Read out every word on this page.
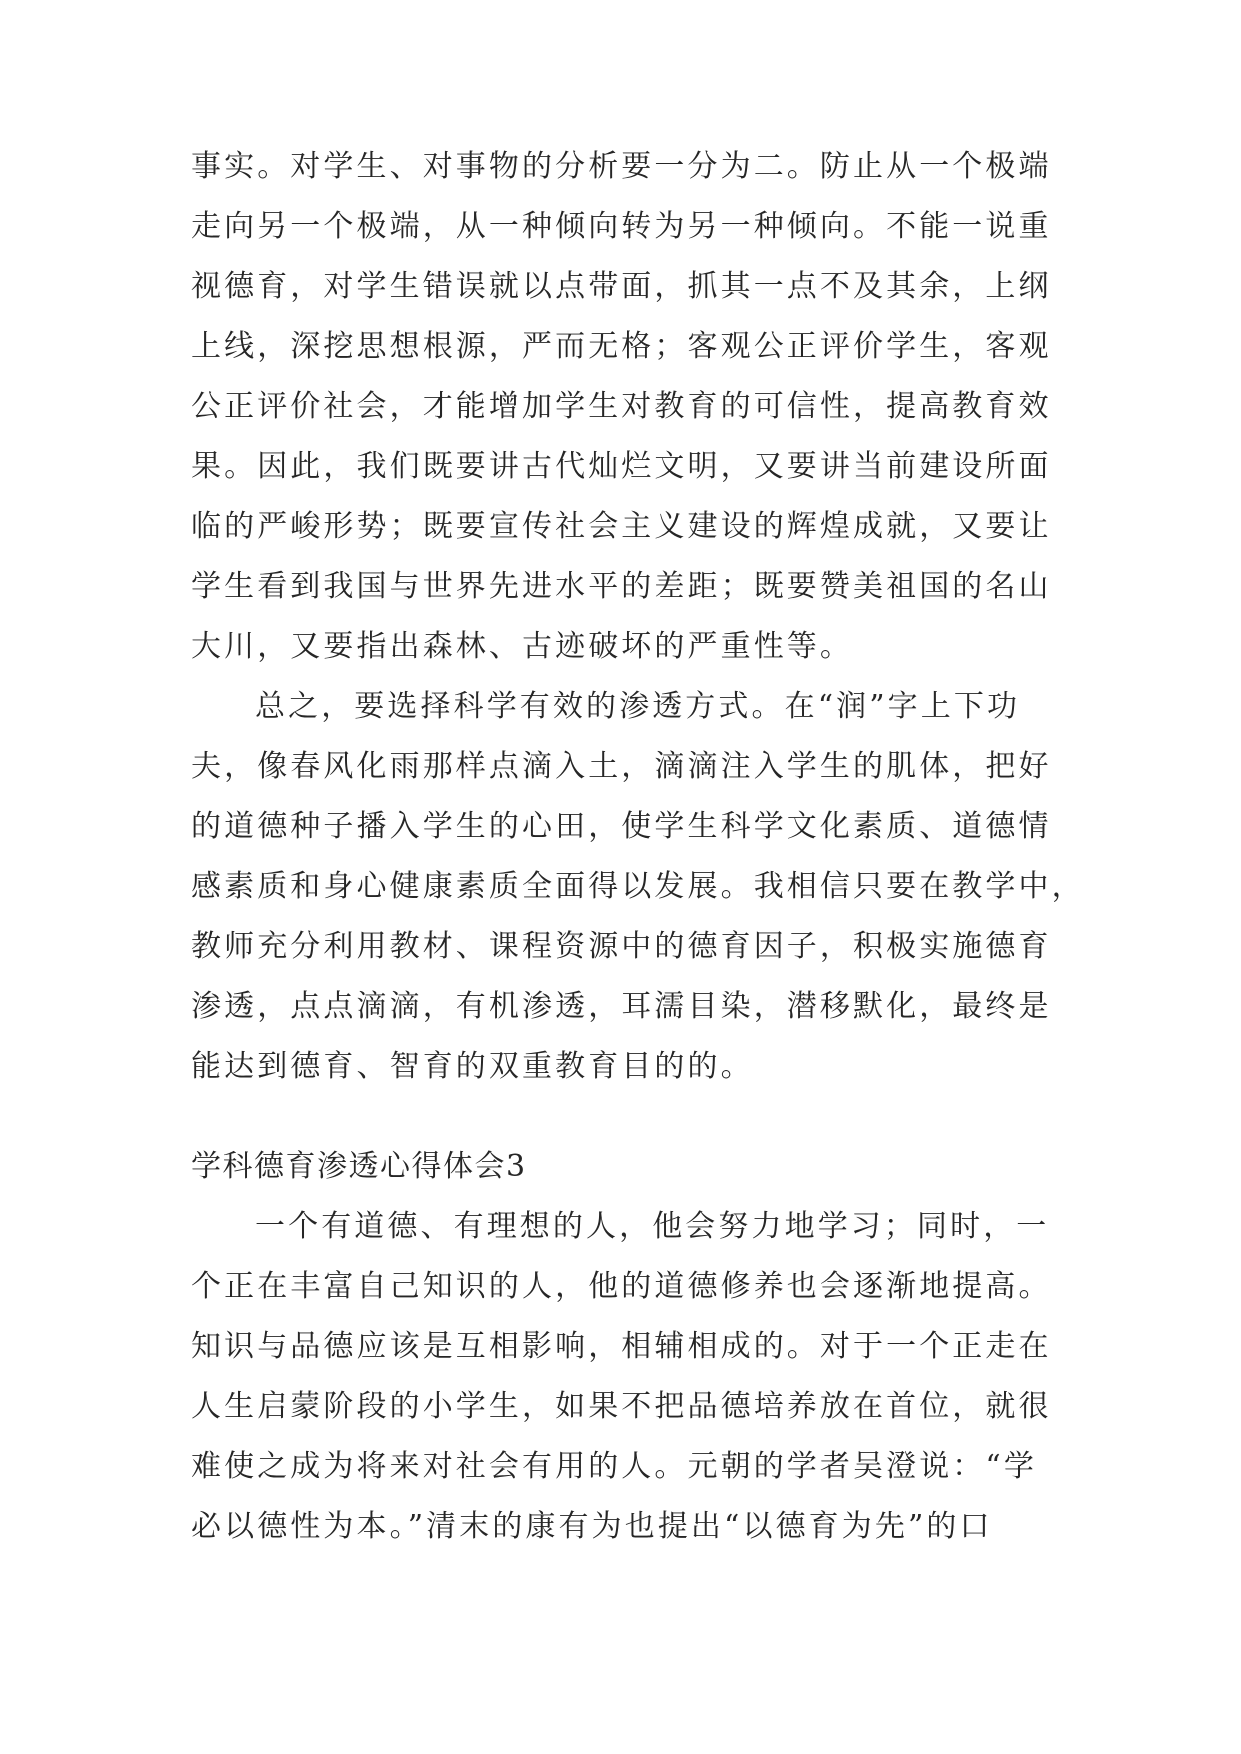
事实。对学生、对事物的分析要一分为二。防止从一个极端
走向另一个极端，从一种倾向转为另一种倾向。不能一说重
视德育，对学生错误就以点带面，抓其一点不及其余，上纲
上线，深挖思想根源，严而无格；客观公正评价学生，客观
公正评价社会，才能增加学生对教育的可信性，提高教育效
果。因此，我们既要讲古代灿烂文明，又要讲当前建设所面
临的严峻形势；既要宣传社会主义建设的辉煌成就，又要让
学生看到我国与世界先进水平的差距；既要赞美祖国的名山
大川，又要指出森林、古迹破坏的严重性等。
总之，要选择科学有效的渗透方式。在“润”字上下功
夫，像春风化雨那样点滴入土，滴滴注入学生的肌体，把好
的道德种子播入学生的心田，使学生科学文化素质、道德情
感素质和身心健康素质全面得以发展。我相信只要在教学中，
教师充分利用教材、课程资源中的德育因子，积极实施德育
渗透，点点滴滴，有机渗透，耳濡目染，潜移默化，最终是
能达到德育、智育的双重教育目的的。
学科德育渗透心得体会3
一个有道德、有理想的人，他会努力地学习；同时，一
个正在丰富自己知识的人，他的道德修养也会逐渐地提高。
知识与品德应该是互相影响，相辅相成的。对于一个正走在
人生启蒙阶段的小学生，如果不把品德培养放在首位，就很
难使之成为将来对社会有用的人。元朝的学者吴澄说：“学
必以德性为本。”清末的康有为也提出“以德育为先”的口
